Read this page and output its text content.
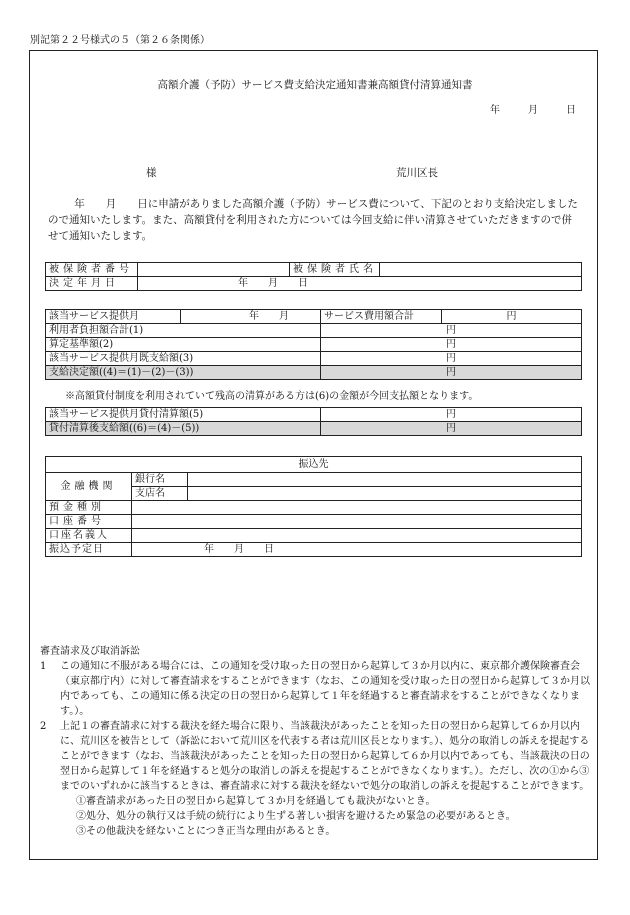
別記第２２号様式の５（第２６条関係）
高額介護（予防）サービス費支給決定通知書兼高額貸付清算通知書
年	月	日
様	荒川区長

年　　月　　日に申請がありました高額介護（予防）サービス費について、下記のとおり支給決定しましたので通知いたします。また、高額貸付を利用された方については今回支給に伴い清算させていただきますので併せて通知いたします。

被保険者番号		被保険者氏名	
決定年月日	年　　月　　日		
該当サービス提供月	年　　月	サービス費用額合計	円
利用者負担額合計(1)		円	
算定基準額(2)		円	
該当サービス提供月既支給額(3)		円	
支給決定額((4)＝(1)－(2)－(3))		円	
※高額貸付制度を利用されていて残高の清算がある方は(6)の金額が今回支払額となります。
該当サービス提供月貸付清算額(5)	円
貸付清算後支給額((6)＝(4)－(5))	円
振込先		
金融機関	銀行名	
	支店名	
預金種別		
口座番号		
口座名義人		
振込予定日	年　　月　　日	
審査請求及び取消訴訟
1	この通知に不服がある場合には、この通知を受け取った日の翌日から起算して３か月以内に、東京都介護保険審査会（東京都庁内）に対して審査請求をすることができます（なお、この通知を受け取った日の翌日から起算して３か月以内であっても、この通知に係る決定の日の翌日から起算して１年を経過すると審査請求をすることができなくなります。）。
2	上記１の審査請求に対する裁決を経た場合に限り、当該裁決があったことを知った日の翌日から起算して６か月以内に、荒川区を被告として（訴訟において荒川区を代表する者は荒川区長となります。）、処分の取消しの訴えを提起することができます（なお、当該裁決があったことを知った日の翌日から起算して６か月以内であっても、当該裁決の日の翌日から起算して１年を経過すると処分の取消しの訴えを提起することができなくなります。）。ただし、次の①から③までのいずれかに該当するときは、審査請求に対する裁決を経ないで処分の取消しの訴えを提起することができます。
①審査請求があった日の翌日から起算して３か月を経過しても裁決がないとき。
②処分、処分の執行又は手続の続行により生ずる著しい損害を避けるため緊急の必要があるとき。
③その他裁決を経ないことにつき正当な理由があるとき。
